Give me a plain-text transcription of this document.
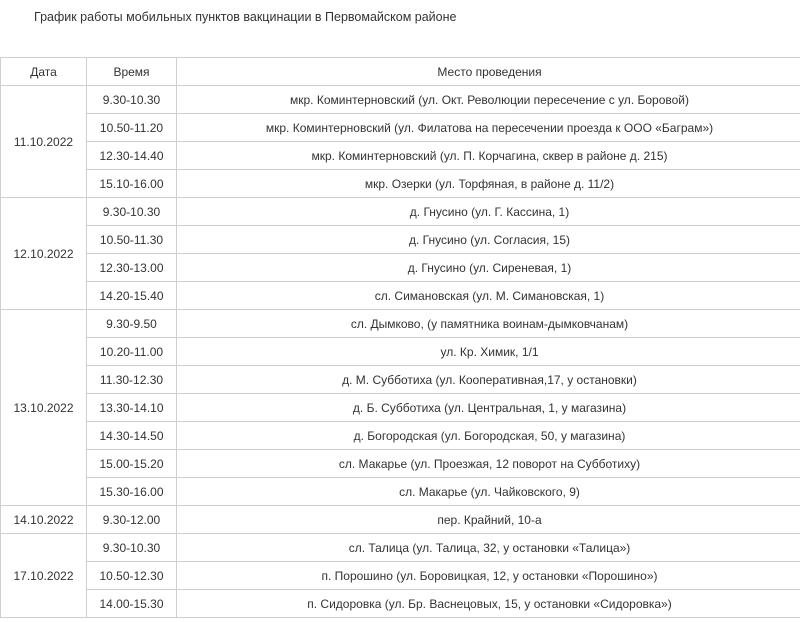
График работы мобильных пунктов вакцинации в Первомайском районе
Дата	Время	Место проведения
11.10.2022	9.30-10.30	мкр. Коминтерновский (ул. Окт. Революции пересечение с ул. Боровой)
	10.50-11.20	мкр. Коминтерновский (ул. Филатова на пересечении проезда к ООО «Баграм»)
	12.30-14.40	мкр. Коминтерновский (ул. П. Корчагина, сквер в районе д. 215)
	15.10-16.00	мкр. Озерки (ул. Торфяная, в районе д. 11/2)
12.10.2022	9.30-10.30	д. Гнусино (ул. Г. Кассина, 1)
	10.50-11.30	д. Гнусино (ул. Согласия, 15)
	12.30-13.00	д. Гнусино (ул. Сиреневая, 1)
	14.20-15.40	сл. Симановская (ул. М. Симановская, 1)
13.10.2022	9.30-9.50	сл. Дымково, (у памятника воинам-дымковчанам)
	10.20-11.00	ул. Кр. Химик, 1/1
	11.30-12.30	д. М. Субботиха (ул. Кооперативная,17, у остановки)
	13.30-14.10	д. Б. Субботиха (ул. Центральная, 1, у магазина)
	14.30-14.50	д. Богородская (ул. Богородская, 50, у магазина)
	15.00-15.20	сл. Макарье (ул. Проезжая, 12 поворот на Субботиху)
	15.30-16.00	сл. Макарье (ул. Чайковского, 9)
14.10.2022	9.30-12.00	пер. Крайний, 10-а
17.10.2022	9.30-10.30	сл. Талица (ул. Талица, 32, у остановки «Талица»)
	10.50-12.30	п. Порошино (ул. Боровицкая, 12, у остановки «Порошино»)
	14.00-15.30	п. Сидоровка (ул. Бр. Васнецовых, 15, у остановки «Сидоровка»)
